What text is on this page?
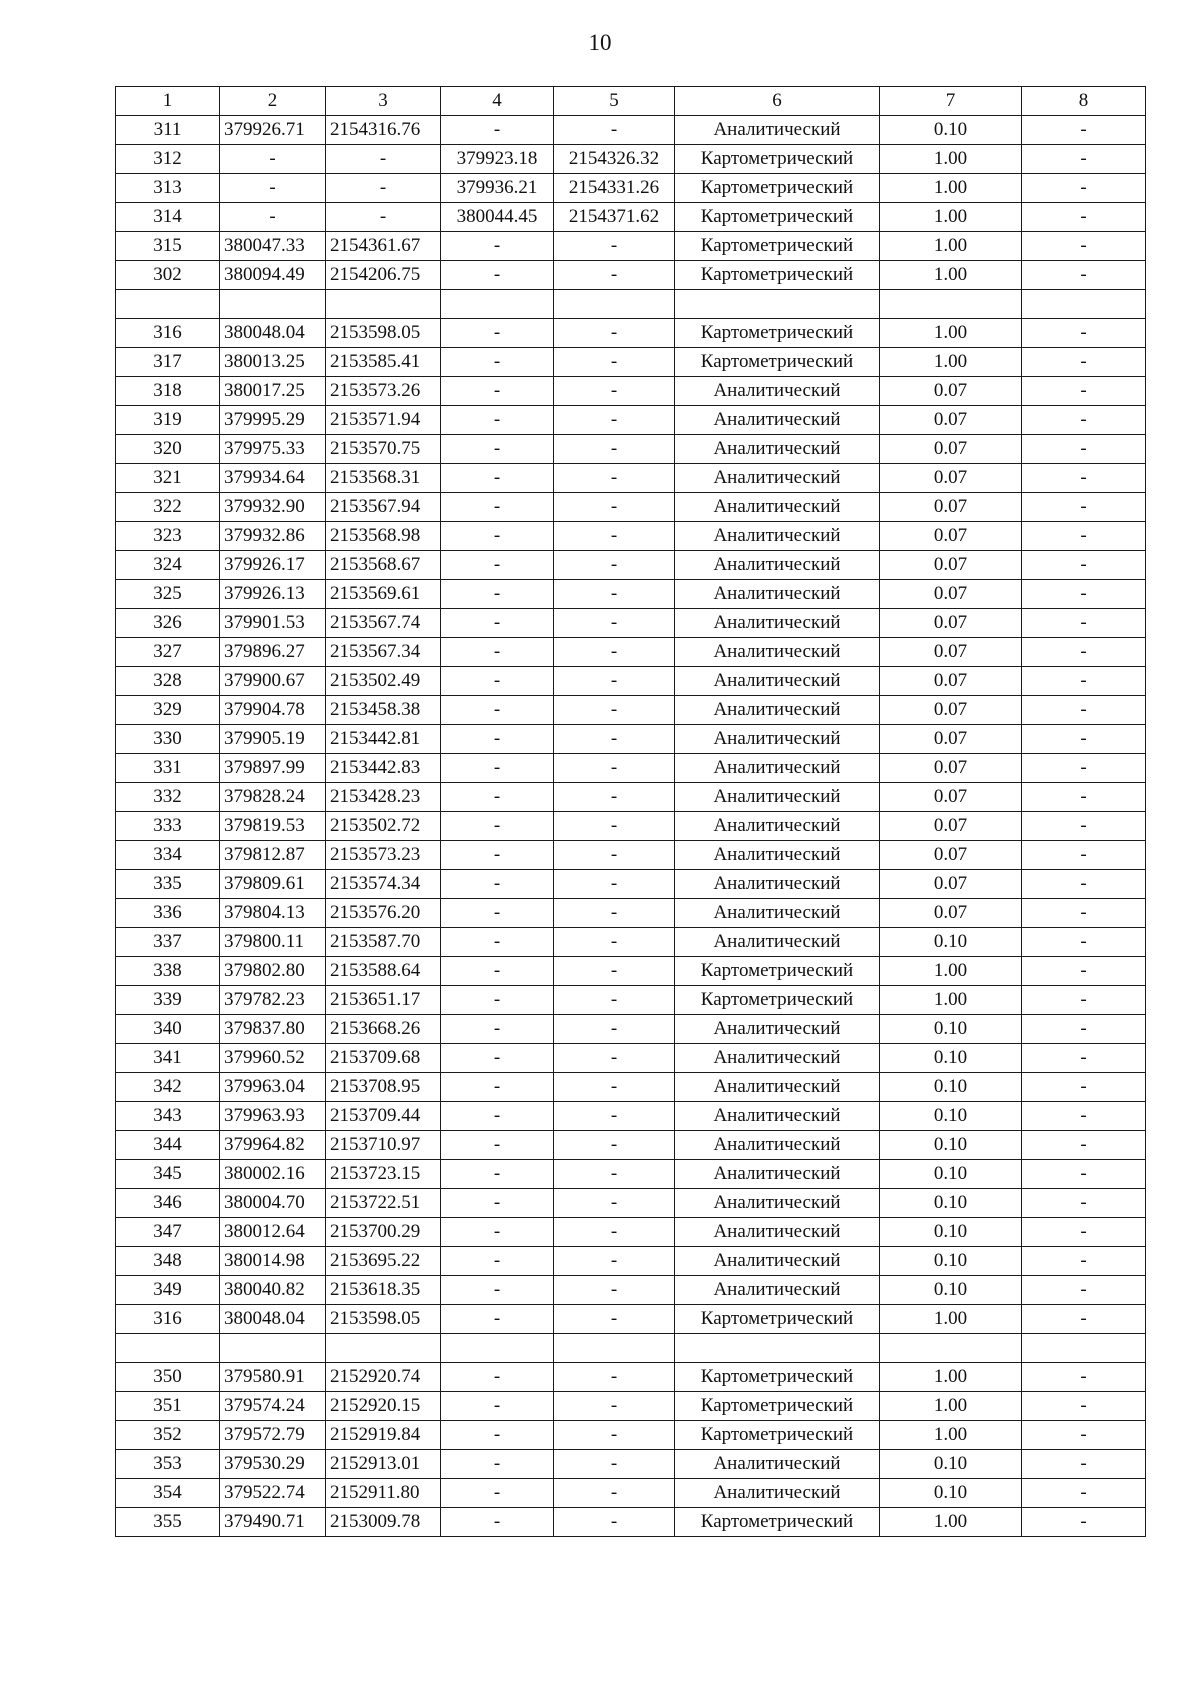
10
1	2	3	4	5	6	7	8
311	379926.71	2154316.76	-	-	Аналитический	0.10	-
312	-	-	379923.18	2154326.32	Картометрический	1.00	-
313	-	-	379936.21	2154331.26	Картометрический	1.00	-
314	-	-	380044.45	2154371.62	Картометрический	1.00	-
315	380047.33	2154361.67	-	-	Картометрический	1.00	-
302	380094.49	2154206.75	-	-	Картометрический	1.00	-

316	380048.04	2153598.05	-	-	Картометрический	1.00	-
317	380013.25	2153585.41	-	-	Картометрический	1.00	-
318	380017.25	2153573.26	-	-	Аналитический	0.07	-
319	379995.29	2153571.94	-	-	Аналитический	0.07	-
320	379975.33	2153570.75	-	-	Аналитический	0.07	-
321	379934.64	2153568.31	-	-	Аналитический	0.07	-
322	379932.90	2153567.94	-	-	Аналитический	0.07	-
323	379932.86	2153568.98	-	-	Аналитический	0.07	-
324	379926.17	2153568.67	-	-	Аналитический	0.07	-
325	379926.13	2153569.61	-	-	Аналитический	0.07	-
326	379901.53	2153567.74	-	-	Аналитический	0.07	-
327	379896.27	2153567.34	-	-	Аналитический	0.07	-
328	379900.67	2153502.49	-	-	Аналитический	0.07	-
329	379904.78	2153458.38	-	-	Аналитический	0.07	-
330	379905.19	2153442.81	-	-	Аналитический	0.07	-
331	379897.99	2153442.83	-	-	Аналитический	0.07	-
332	379828.24	2153428.23	-	-	Аналитический	0.07	-
333	379819.53	2153502.72	-	-	Аналитический	0.07	-
334	379812.87	2153573.23	-	-	Аналитический	0.07	-
335	379809.61	2153574.34	-	-	Аналитический	0.07	-
336	379804.13	2153576.20	-	-	Аналитический	0.07	-
337	379800.11	2153587.70	-	-	Аналитический	0.10	-
338	379802.80	2153588.64	-	-	Картометрический	1.00	-
339	379782.23	2153651.17	-	-	Картометрический	1.00	-
340	379837.80	2153668.26	-	-	Аналитический	0.10	-
341	379960.52	2153709.68	-	-	Аналитический	0.10	-
342	379963.04	2153708.95	-	-	Аналитический	0.10	-
343	379963.93	2153709.44	-	-	Аналитический	0.10	-
344	379964.82	2153710.97	-	-	Аналитический	0.10	-
345	380002.16	2153723.15	-	-	Аналитический	0.10	-
346	380004.70	2153722.51	-	-	Аналитический	0.10	-
347	380012.64	2153700.29	-	-	Аналитический	0.10	-
348	380014.98	2153695.22	-	-	Аналитический	0.10	-
349	380040.82	2153618.35	-	-	Аналитический	0.10	-
316	380048.04	2153598.05	-	-	Картометрический	1.00	-

350	379580.91	2152920.74	-	-	Картометрический	1.00	-
351	379574.24	2152920.15	-	-	Картометрический	1.00	-
352	379572.79	2152919.84	-	-	Картометрический	1.00	-
353	379530.29	2152913.01	-	-	Аналитический	0.10	-
354	379522.74	2152911.80	-	-	Аналитический	0.10	-
355	379490.71	2153009.78	-	-	Картометрический	1.00	-
